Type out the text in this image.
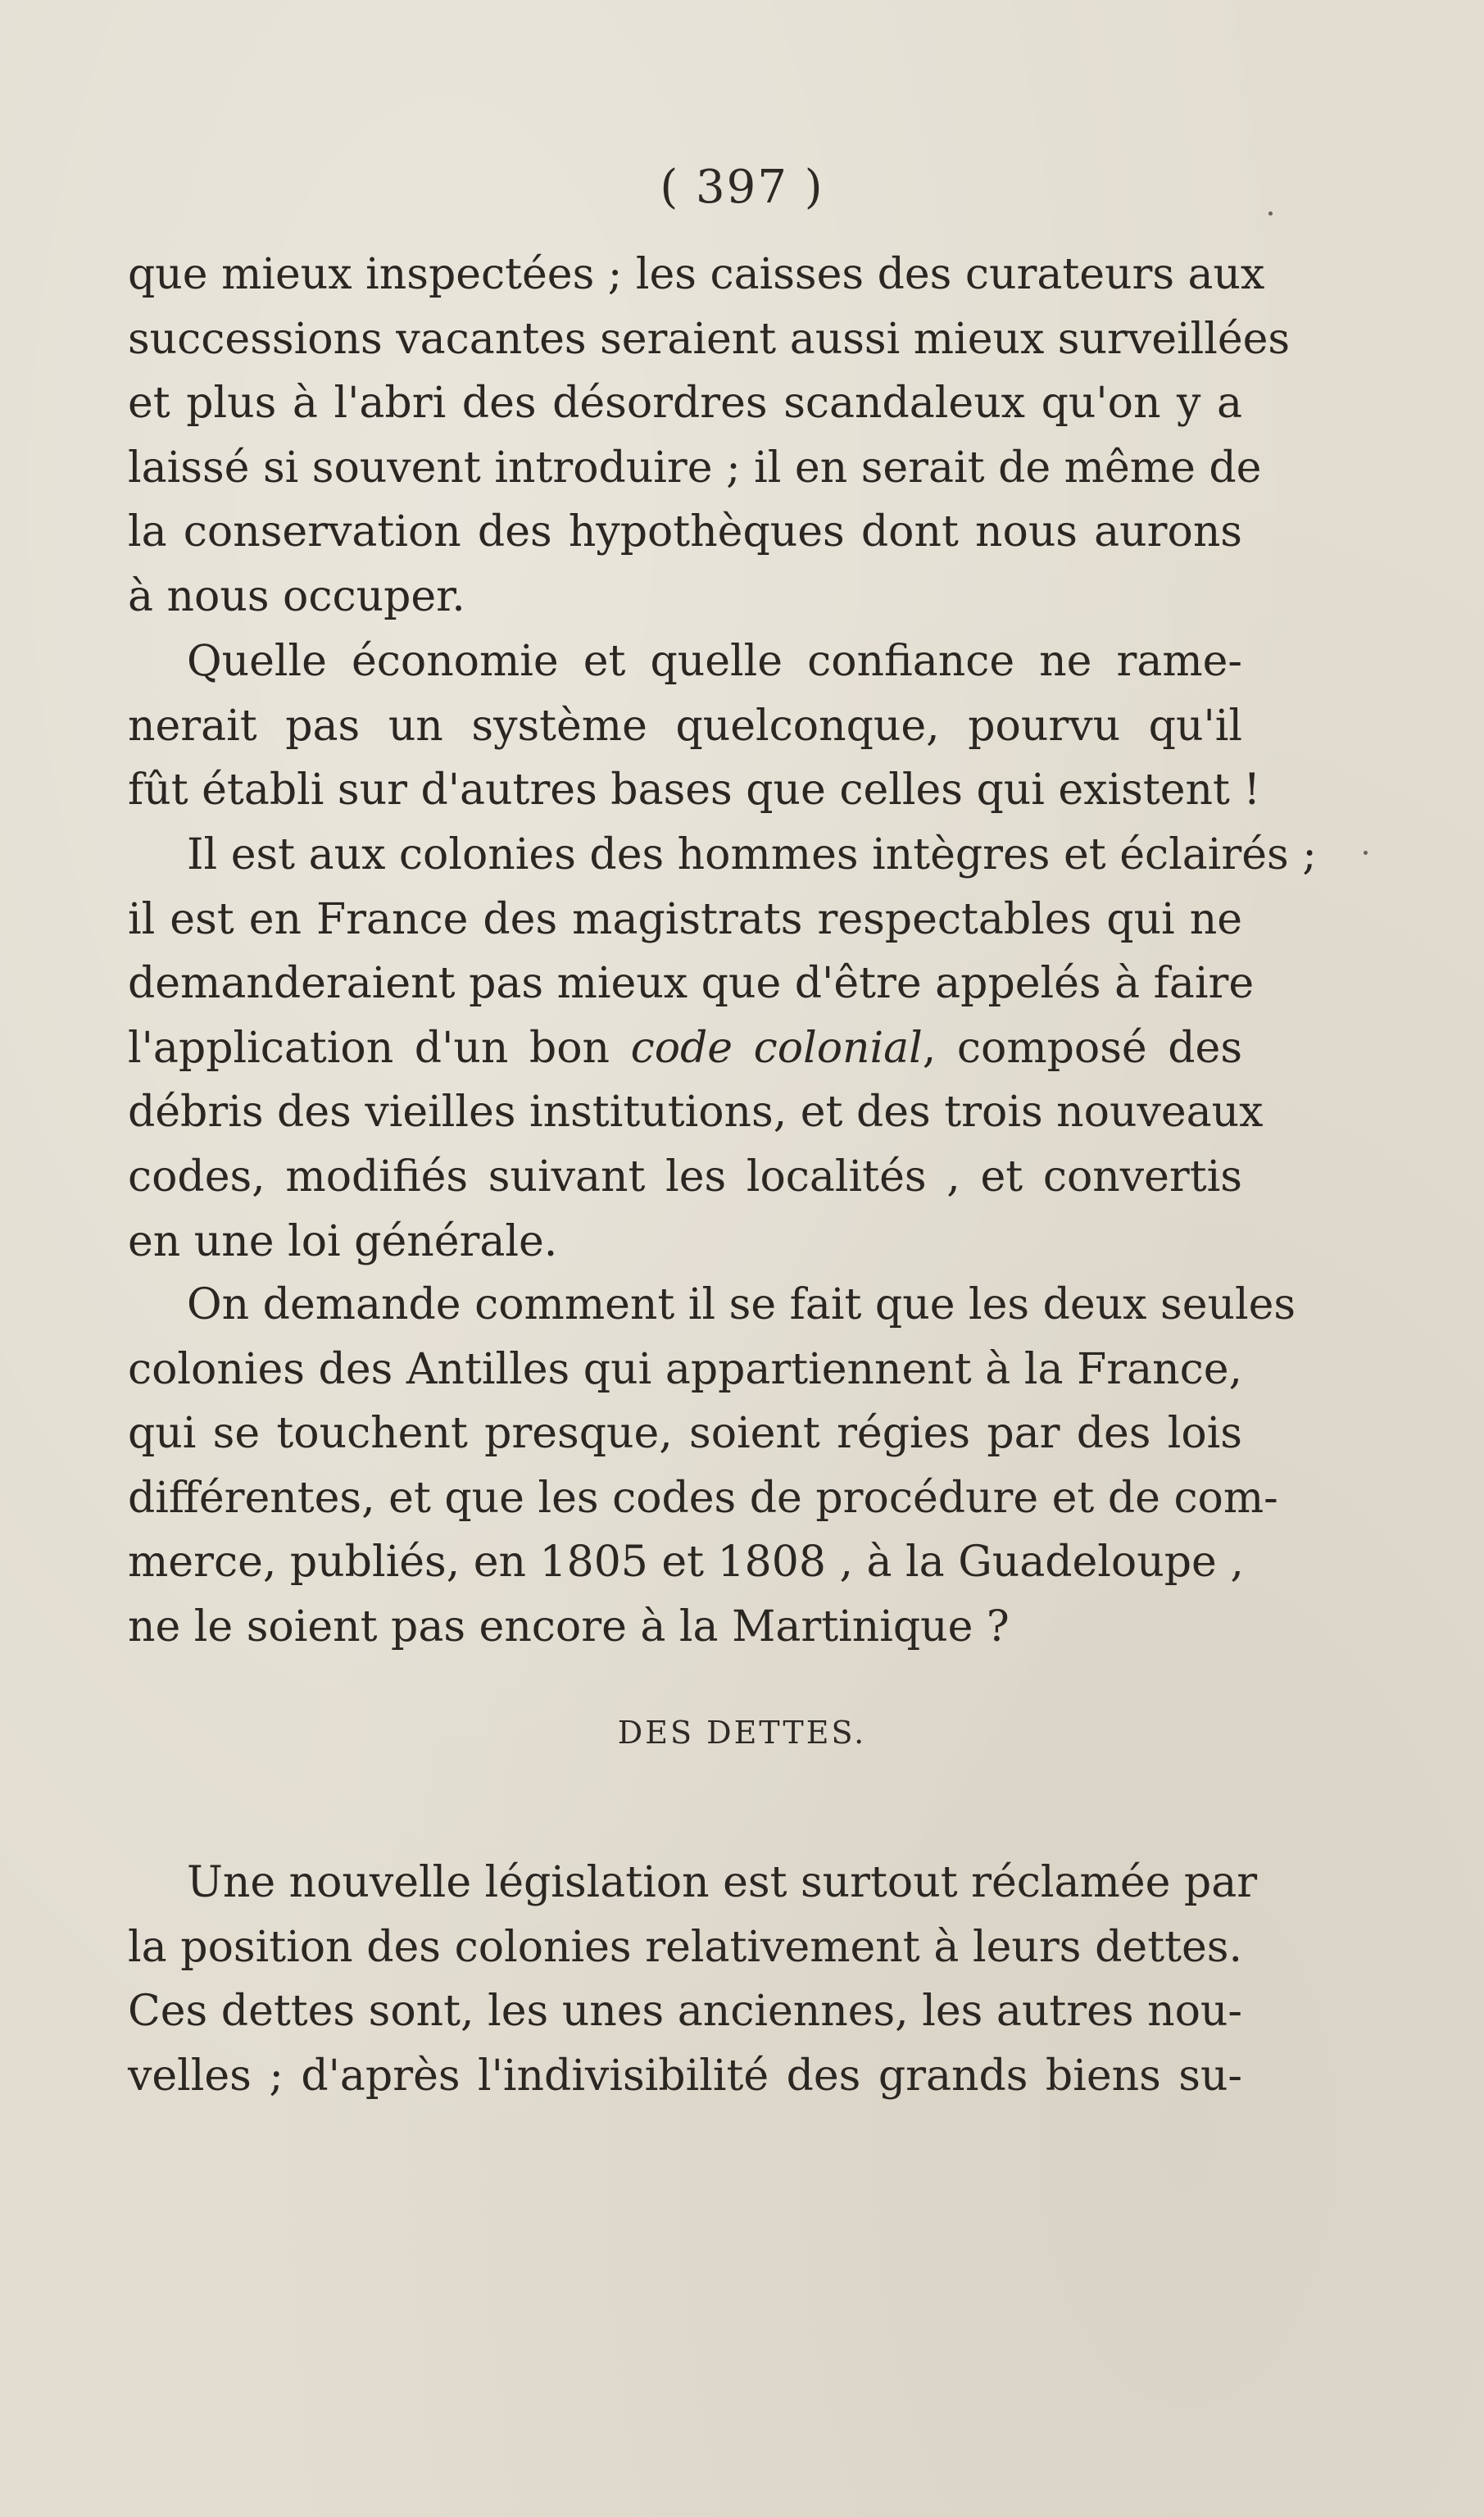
( 397 )
que mieux inspectées ; les caisses des curateurs aux
successions vacantes seraient aussi mieux surveillées
et plus à l'abri des désordres scandaleux qu'on y a
laissé si souvent introduire ; il en serait de même de
la conservation des hypothèques dont nous aurons
à nous occuper.
Quelle économie et quelle confiance ne rame-
nerait pas un système quelconque, pourvu qu'il
fût établi sur d'autres bases que celles qui existent !
Il est aux colonies des hommes intègres et éclairés ;
il est en France des magistrats respectables qui ne
demanderaient pas mieux que d'être appelés à faire
l'application d'un bon code colonial, composé des
débris des vieilles institutions, et des trois nouveaux
codes, modifiés suivant les localités , et convertis
en une loi générale.
On demande comment il se fait que les deux seules
colonies des Antilles qui appartiennent à la France,
qui se touchent presque, soient régies par des lois
différentes, et que les codes de procédure et de com-
merce, publiés, en 1805 et 1808 , à la Guadeloupe ,
ne le soient pas encore à la Martinique ?
DES DETTES.
Une nouvelle législation est surtout réclamée par
la position des colonies relativement à leurs dettes.
Ces dettes sont, les unes anciennes, les autres nou-
velles ; d'après l'indivisibilité des grands biens su-
